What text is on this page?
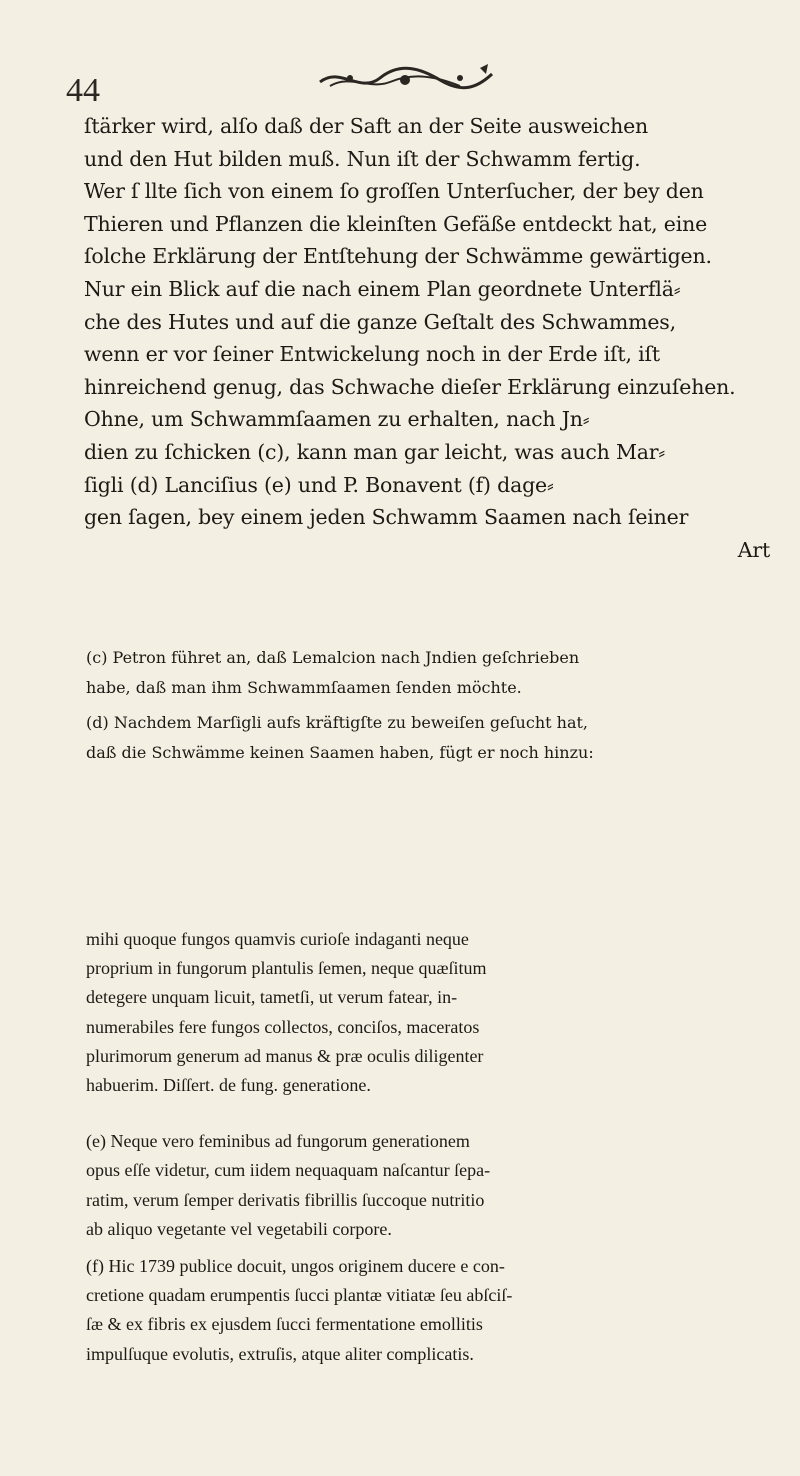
44

ſtärker wird, alſo daß der Saft an der Seite ausweichen

und den Hut bilden muß. Nun iſt der Schwamm fertig.

Wer ſ llte ſich von einem ſo groſſen Unterſucher, der bey den

Thieren und Pflanzen die kleinſten Gefäße entdeckt hat, eine

ſolche Erklärung der Entſtehung der Schwämme gewärtigen.

Nur ein Blick auf die nach einem Plan geordnete Unterflä⸗

che des Hutes und auf die ganze Geſtalt des Schwammes,

wenn er vor ſeiner Entwickelung noch in der Erde iſt, iſt

hinreichend genug, das Schwache dieſer Erklärung einzuſehen.

Ohne, um Schwammſaamen zu erhalten, nach Jn⸗

dien zu ſchicken (c), kann man gar leicht, was auch Mar⸗

ſigli (d) Lanciſius (e) und P. Bonavent (f) dage⸗

gen ſagen, bey einem jeden Schwamm Saamen nach ſeiner

Art

(c) Petron führet an, daß Lemalcion nach Jndien geſchrieben

habe, daß man ihm Schwammſaamen ſenden möchte.

(d) Nachdem Marſigli aufs kräftigſte zu beweiſen geſucht hat,

daß die Schwämme keinen Saamen haben, fügt er noch hinzu:

mihi quoque fungos quamvis curioſe indaganti neque

proprium in fungorum plantulis ſemen, neque quæſitum

detegere unquam licuit, tametſi, ut verum fatear, in-

numerabiles fere fungos collectos, conciſos, maceratos

plurimorum generum ad manus & præ oculis diligenter

habuerim. Diſſert. de fung. generatione.

(e) Neque vero feminibus ad fungorum generationem

opus eſſe videtur, cum iidem nequaquam naſcantur ſepa-

ratim, verum ſemper derivatis fibrillis ſuccoque nutritio

ab aliquo vegetante vel vegetabili corpore.

(f) Hic 1739 publice docuit, ungos originem ducere e con-

cretione quadam erumpentis ſucci plantæ vitiatæ ſeu abſciſ-

ſæ & ex fibris ex ejusdem ſucci fermentatione emollitis

impulſuque evolutis, extruſis, atque aliter complicatis.
